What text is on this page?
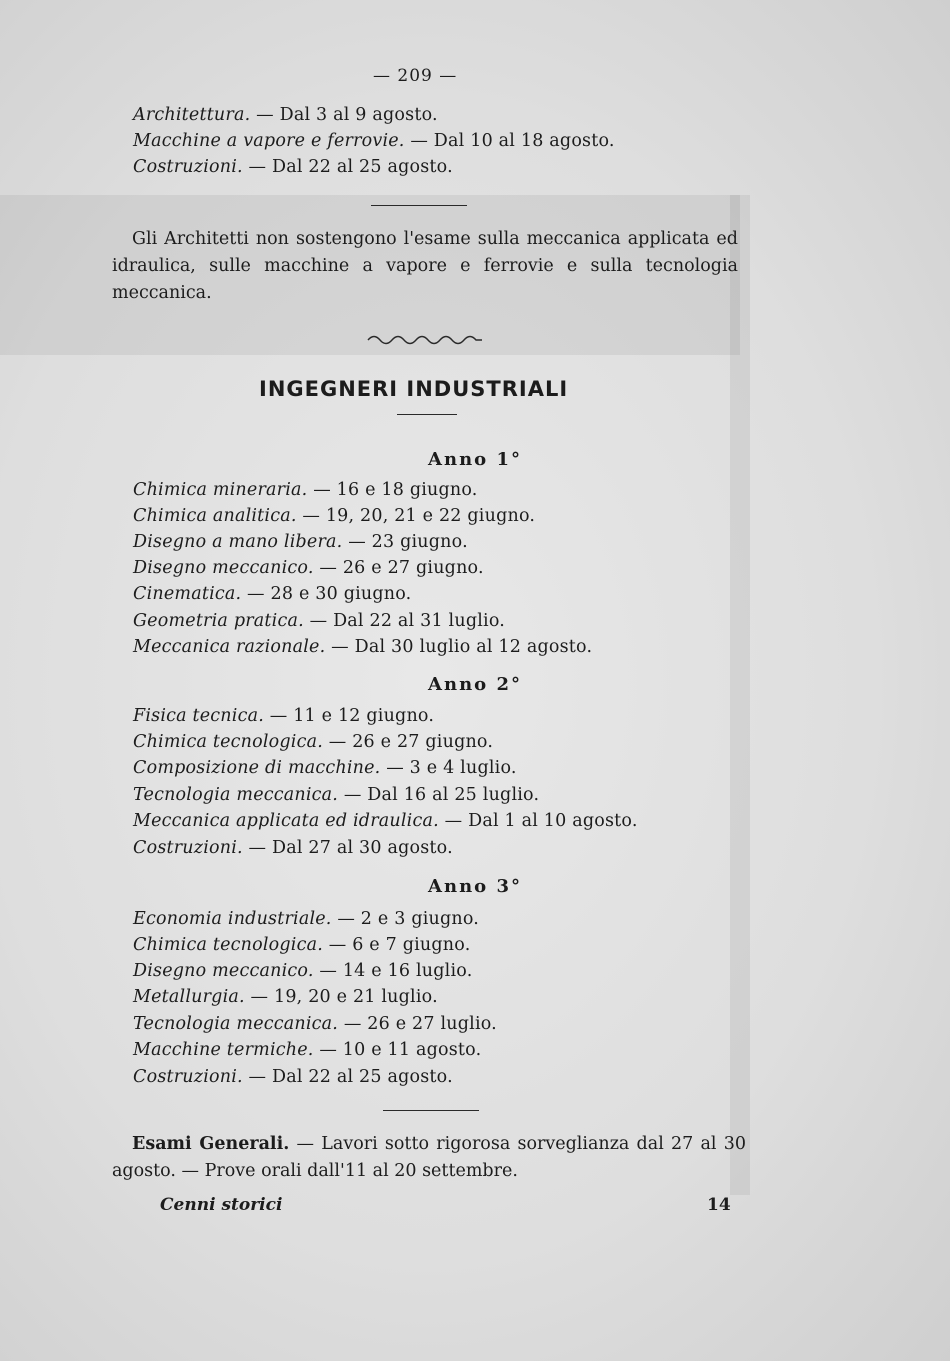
— 209 —
Architettura. — Dal 3 al 9 agosto.
Macchine a vapore e ferrovie. — Dal 10 al 18 agosto.
Costruzioni. — Dal 22 al 25 agosto.
Gli Architetti non sostengono l'esame sulla meccanica applicata ed idraulica, sulle macchine a vapore e ferrovie e sulla tecnologia meccanica.
INGEGNERI INDUSTRIALI
Anno 1°
Chimica mineraria. — 16 e 18 giugno.
Chimica analitica. — 19, 20, 21 e 22 giugno.
Disegno a mano libera. — 23 giugno.
Disegno meccanico. — 26 e 27 giugno.
Cinematica. — 28 e 30 giugno.
Geometria pratica. — Dal 22 al 31 luglio.
Meccanica razionale. — Dal 30 luglio al 12 agosto.
Anno 2°
Fisica tecnica. — 11 e 12 giugno.
Chimica tecnologica. — 26 e 27 giugno.
Composizione di macchine. — 3 e 4 luglio.
Tecnologia meccanica. — Dal 16 al 25 luglio.
Meccanica applicata ed idraulica. — Dal 1 al 10 agosto.
Costruzioni. — Dal 27 al 30 agosto.
Anno 3°
Economia industriale. — 2 e 3 giugno.
Chimica tecnologica. — 6 e 7 giugno.
Disegno meccanico. — 14 e 16 luglio.
Metallurgia. — 19, 20 e 21 luglio.
Tecnologia meccanica. — 26 e 27 luglio.
Macchine termiche. — 10 e 11 agosto.
Costruzioni. — Dal 22 al 25 agosto.
Esami Generali. — Lavori sotto rigorosa sorveglianza dal 27 al 30 agosto. — Prove orali dall'11 al 20 settembre.
Cenni storici	14
